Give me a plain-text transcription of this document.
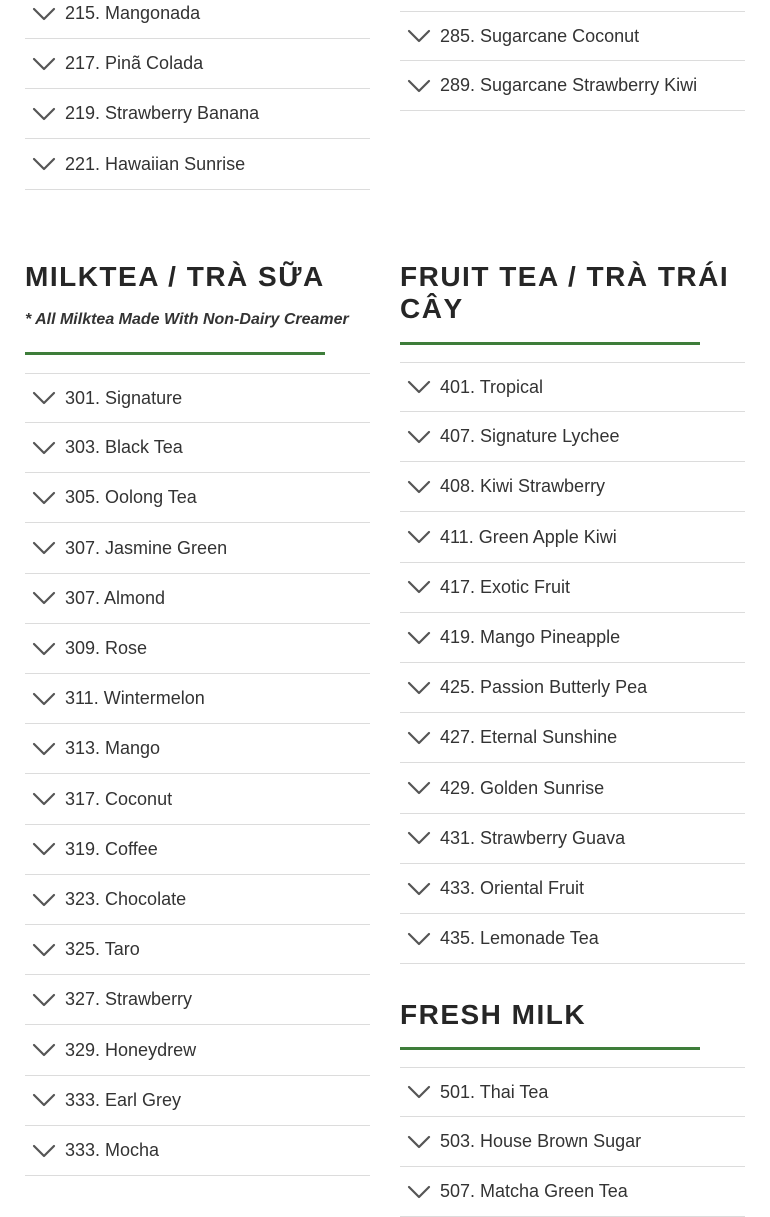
215. Mangonada
217. Pinã Colada
219. Strawberry Banana
221. Hawaiian Sunrise
MILKTEA / TRÀ SỮA
* All Milktea Made With Non-Dairy Creamer
301. Signature
303. Black Tea
305. Oolong Tea
307. Jasmine Green
307. Almond
309. Rose
311. Wintermelon
313. Mango
317. Coconut
319. Coffee
323. Chocolate
325. Taro
327. Strawberry
329. Honeydrew
333. Earl Grey
333. Mocha
285. Sugarcane Coconut
289. Sugarcane Strawberry Kiwi
FRUIT TEA / TRÀ TRÁI CÂY
401. Tropical
407. Signature Lychee
408. Kiwi Strawberry
411. Green Apple Kiwi
417. Exotic Fruit
419. Mango Pineapple
425. Passion Butterly Pea
427. Eternal Sunshine
429. Golden Sunrise
431. Strawberry Guava
433. Oriental Fruit
435. Lemonade Tea
FRESH MILK
501. Thai Tea
503. House Brown Sugar
507. Matcha Green Tea
